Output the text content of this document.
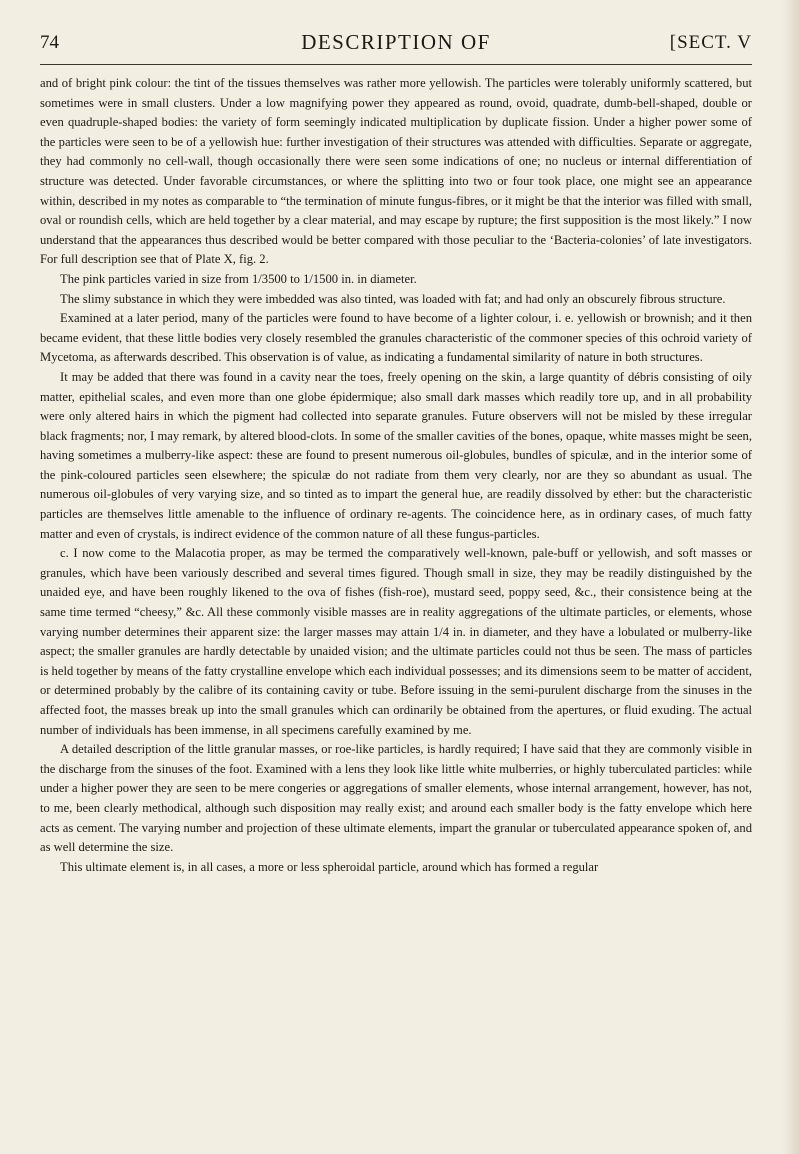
74	DESCRIPTION OF	[SECT. V

and of bright pink colour: the tint of the tissues themselves was rather more yellowish. The particles were tolerably uniformly scattered, but sometimes were in small clusters. Under a low magnifying power they appeared as round, ovoid, quadrate, dumb-bell-shaped, double or even quadruple-shaped bodies: the variety of form seemingly indicated multiplication by duplicate fission. Under a higher power some of the particles were seen to be of a yellowish hue: further investigation of their structures was attended with difficulties. Separate or aggregate, they had commonly no cell-wall, though occasionally there were seen some indications of one; no nucleus or internal differentiation of structure was detected. Under favorable circumstances, or where the splitting into two or four took place, one might see an appearance within, described in my notes as comparable to “the termination of minute fungus-fibres, or it might be that the interior was filled with small, oval or roundish cells, which are held together by a clear material, and may escape by rupture; the first supposition is the most likely.” I now understand that the appearances thus described would be better compared with those peculiar to the ‘Bacteria-colonies’ of late investigators. For full description see that of Plate X, fig. 2.

The pink particles varied in size from 1/3500 to 1/1500 in. in diameter.

The slimy substance in which they were imbedded was also tinted, was loaded with fat; and had only an obscurely fibrous structure.

Examined at a later period, many of the particles were found to have become of a lighter colour, i. e. yellowish or brownish; and it then became evident, that these little bodies very closely resembled the granules characteristic of the commoner species of this ochroid variety of Mycetoma, as afterwards described. This observation is of value, as indicating a fundamental similarity of nature in both structures.

It may be added that there was found in a cavity near the toes, freely opening on the skin, a large quantity of débris consisting of oily matter, epithelial scales, and even more than one globe épidermique; also small dark masses which readily tore up, and in all probability were only altered hairs in which the pigment had collected into separate granules. Future observers will not be misled by these irregular black fragments; nor, I may remark, by altered blood-clots. In some of the smaller cavities of the bones, opaque, white masses might be seen, having sometimes a mulberry-like aspect: these are found to present numerous oil-globules, bundles of spiculæ, and in the interior some of the pink-coloured particles seen elsewhere; the spiculæ do not radiate from them very clearly, nor are they so abundant as usual. The numerous oil-globules of very varying size, and so tinted as to impart the general hue, are readily dissolved by ether: but the characteristic particles are themselves little amenable to the influence of ordinary re-agents. The coincidence here, as in ordinary cases, of much fatty matter and even of crystals, is indirect evidence of the common nature of all these fungus-particles.

c. I now come to the Malacotia proper, as may be termed the comparatively well-known, pale-buff or yellowish, and soft masses or granules, which have been variously described and several times figured. Though small in size, they may be readily distinguished by the unaided eye, and have been roughly likened to the ova of fishes (fish-roe), mustard seed, poppy seed, &c., their consistence being at the same time termed “cheesy,” &c. All these commonly visible masses are in reality aggregations of the ultimate particles, or elements, whose varying number determines their apparent size: the larger masses may attain 1/4 in. in diameter, and they have a lobulated or mulberry-like aspect; the smaller granules are hardly detectable by unaided vision; and the ultimate particles could not thus be seen. The mass of particles is held together by means of the fatty crystalline envelope which each individual possesses; and its dimensions seem to be matter of accident, or determined probably by the calibre of its containing cavity or tube. Before issuing in the semi-purulent discharge from the sinuses in the affected foot, the masses break up into the small granules which can ordinarily be obtained from the apertures, or fluid exuding. The actual number of individuals has been immense, in all specimens carefully examined by me.

A detailed description of the little granular masses, or roe-like particles, is hardly required; I have said that they are commonly visible in the discharge from the sinuses of the foot. Examined with a lens they look like little white mulberries, or highly tuberculated particles: while under a higher power they are seen to be mere congeries or aggregations of smaller elements, whose internal arrangement, however, has not, to me, been clearly methodical, although such disposition may really exist; and around each smaller body is the fatty envelope which here acts as cement. The varying number and projection of these ultimate elements, impart the granular or tuberculated appearance spoken of, and as well determine the size.

This ultimate element is, in all cases, a more or less spheroidal particle, around which has formed a regular
